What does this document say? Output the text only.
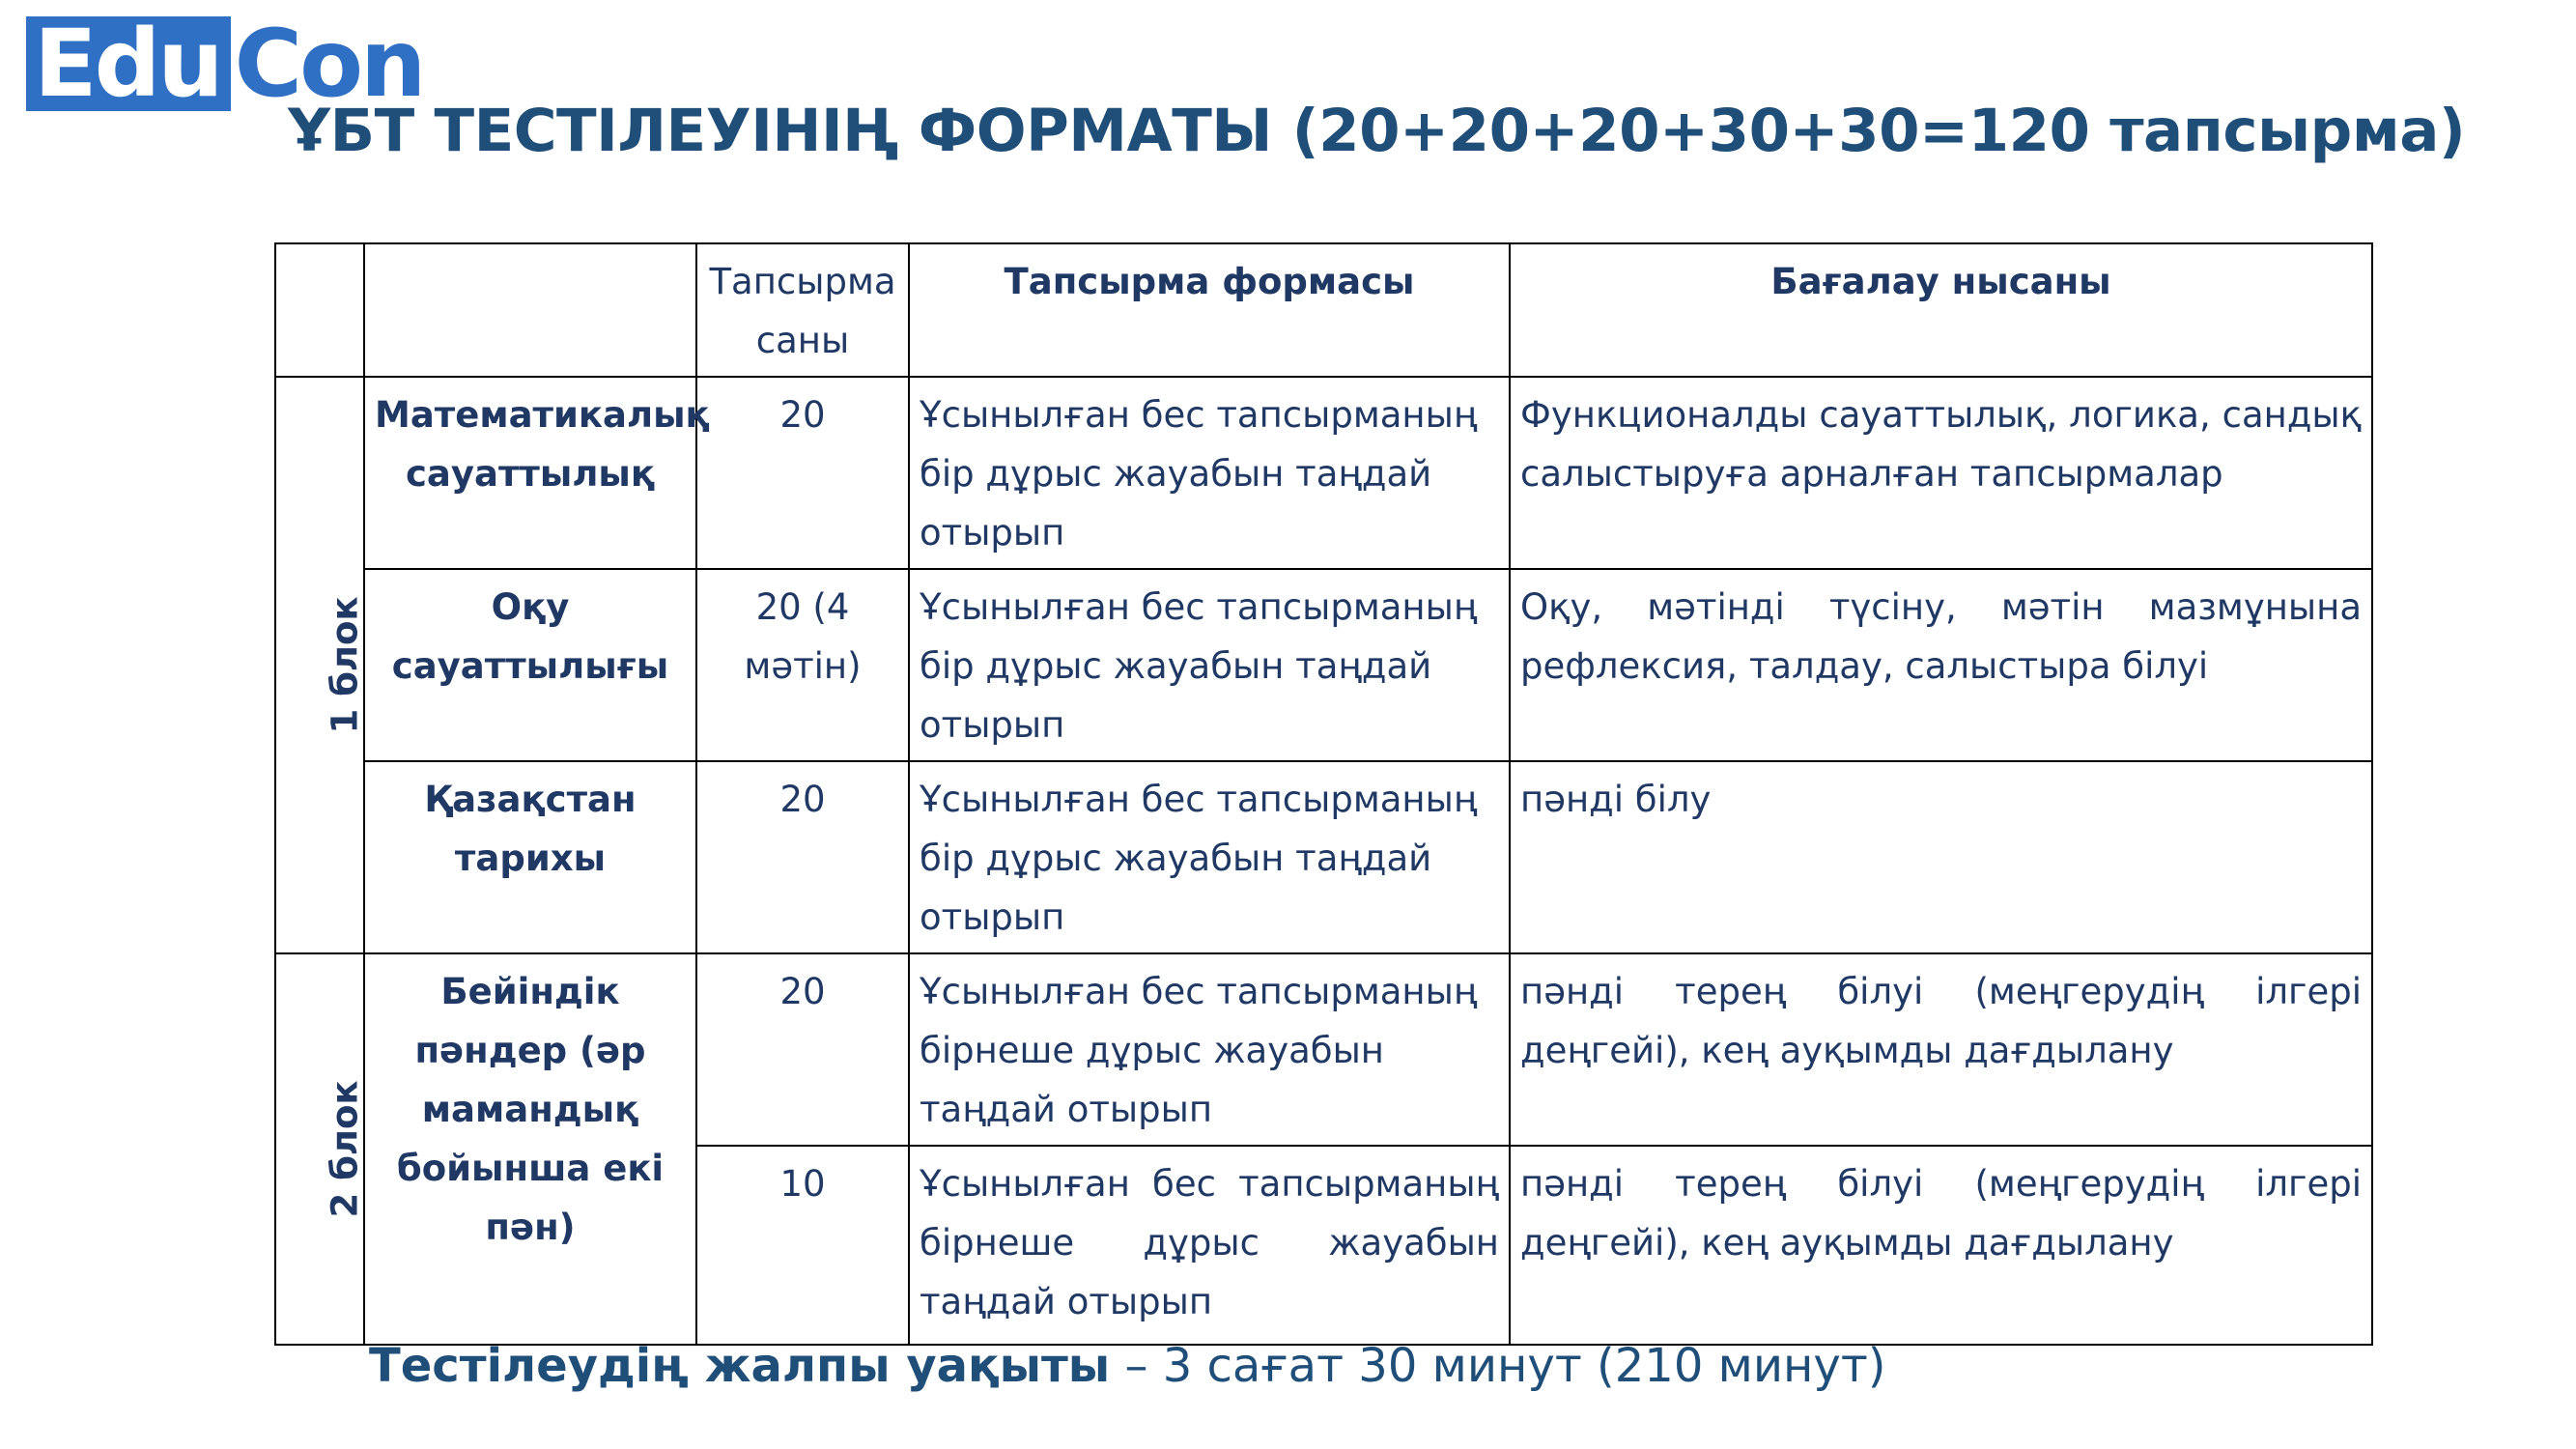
Edu Con
ҰБТ ТЕСТІЛЕУІНІҢ ФОРМАТЫ (20+20+20+30+30=120 тапсырма)
		Тапсырма саны	Тапсырма формасы	Бағалау нысаны
1 блок	Математикалық сауаттылық	20	Ұсынылған бес тапсырманың бір дұрыс жауабын таңдай отырып	Функционалды сауаттылық, логика, сандық салыстыруға арналған тапсырмалар
	Оқу сауаттылығы	20 (4 мәтін)	Ұсынылған бес тапсырманың бір дұрыс жауабын таңдай отырып	Оқу, мәтінді түсіну, мәтін мазмұнына рефлексия, талдау, салыстыра білуі
	Қазақстан тарихы	20	Ұсынылған бес тапсырманың бір дұрыс жауабын таңдай отырып	пәнді білу
2 блок	Бейіндік пәндер (әр мамандық бойынша екі пән)	20	Ұсынылған бес тапсырманың бірнеше дұрыс жауабын таңдай отырып	пәнді терең білуі (меңгерудің ілгері деңгейі), кең ауқымды дағдылану
		10	Ұсынылған бес тапсырманың бірнеше дұрыс жауабын таңдай отырып	пәнді терең білуі (меңгерудің ілгері деңгейі), кең ауқымды дағдылану
Тестілеудің жалпы уақыты – 3 сағат 30 минут (210 минут)
